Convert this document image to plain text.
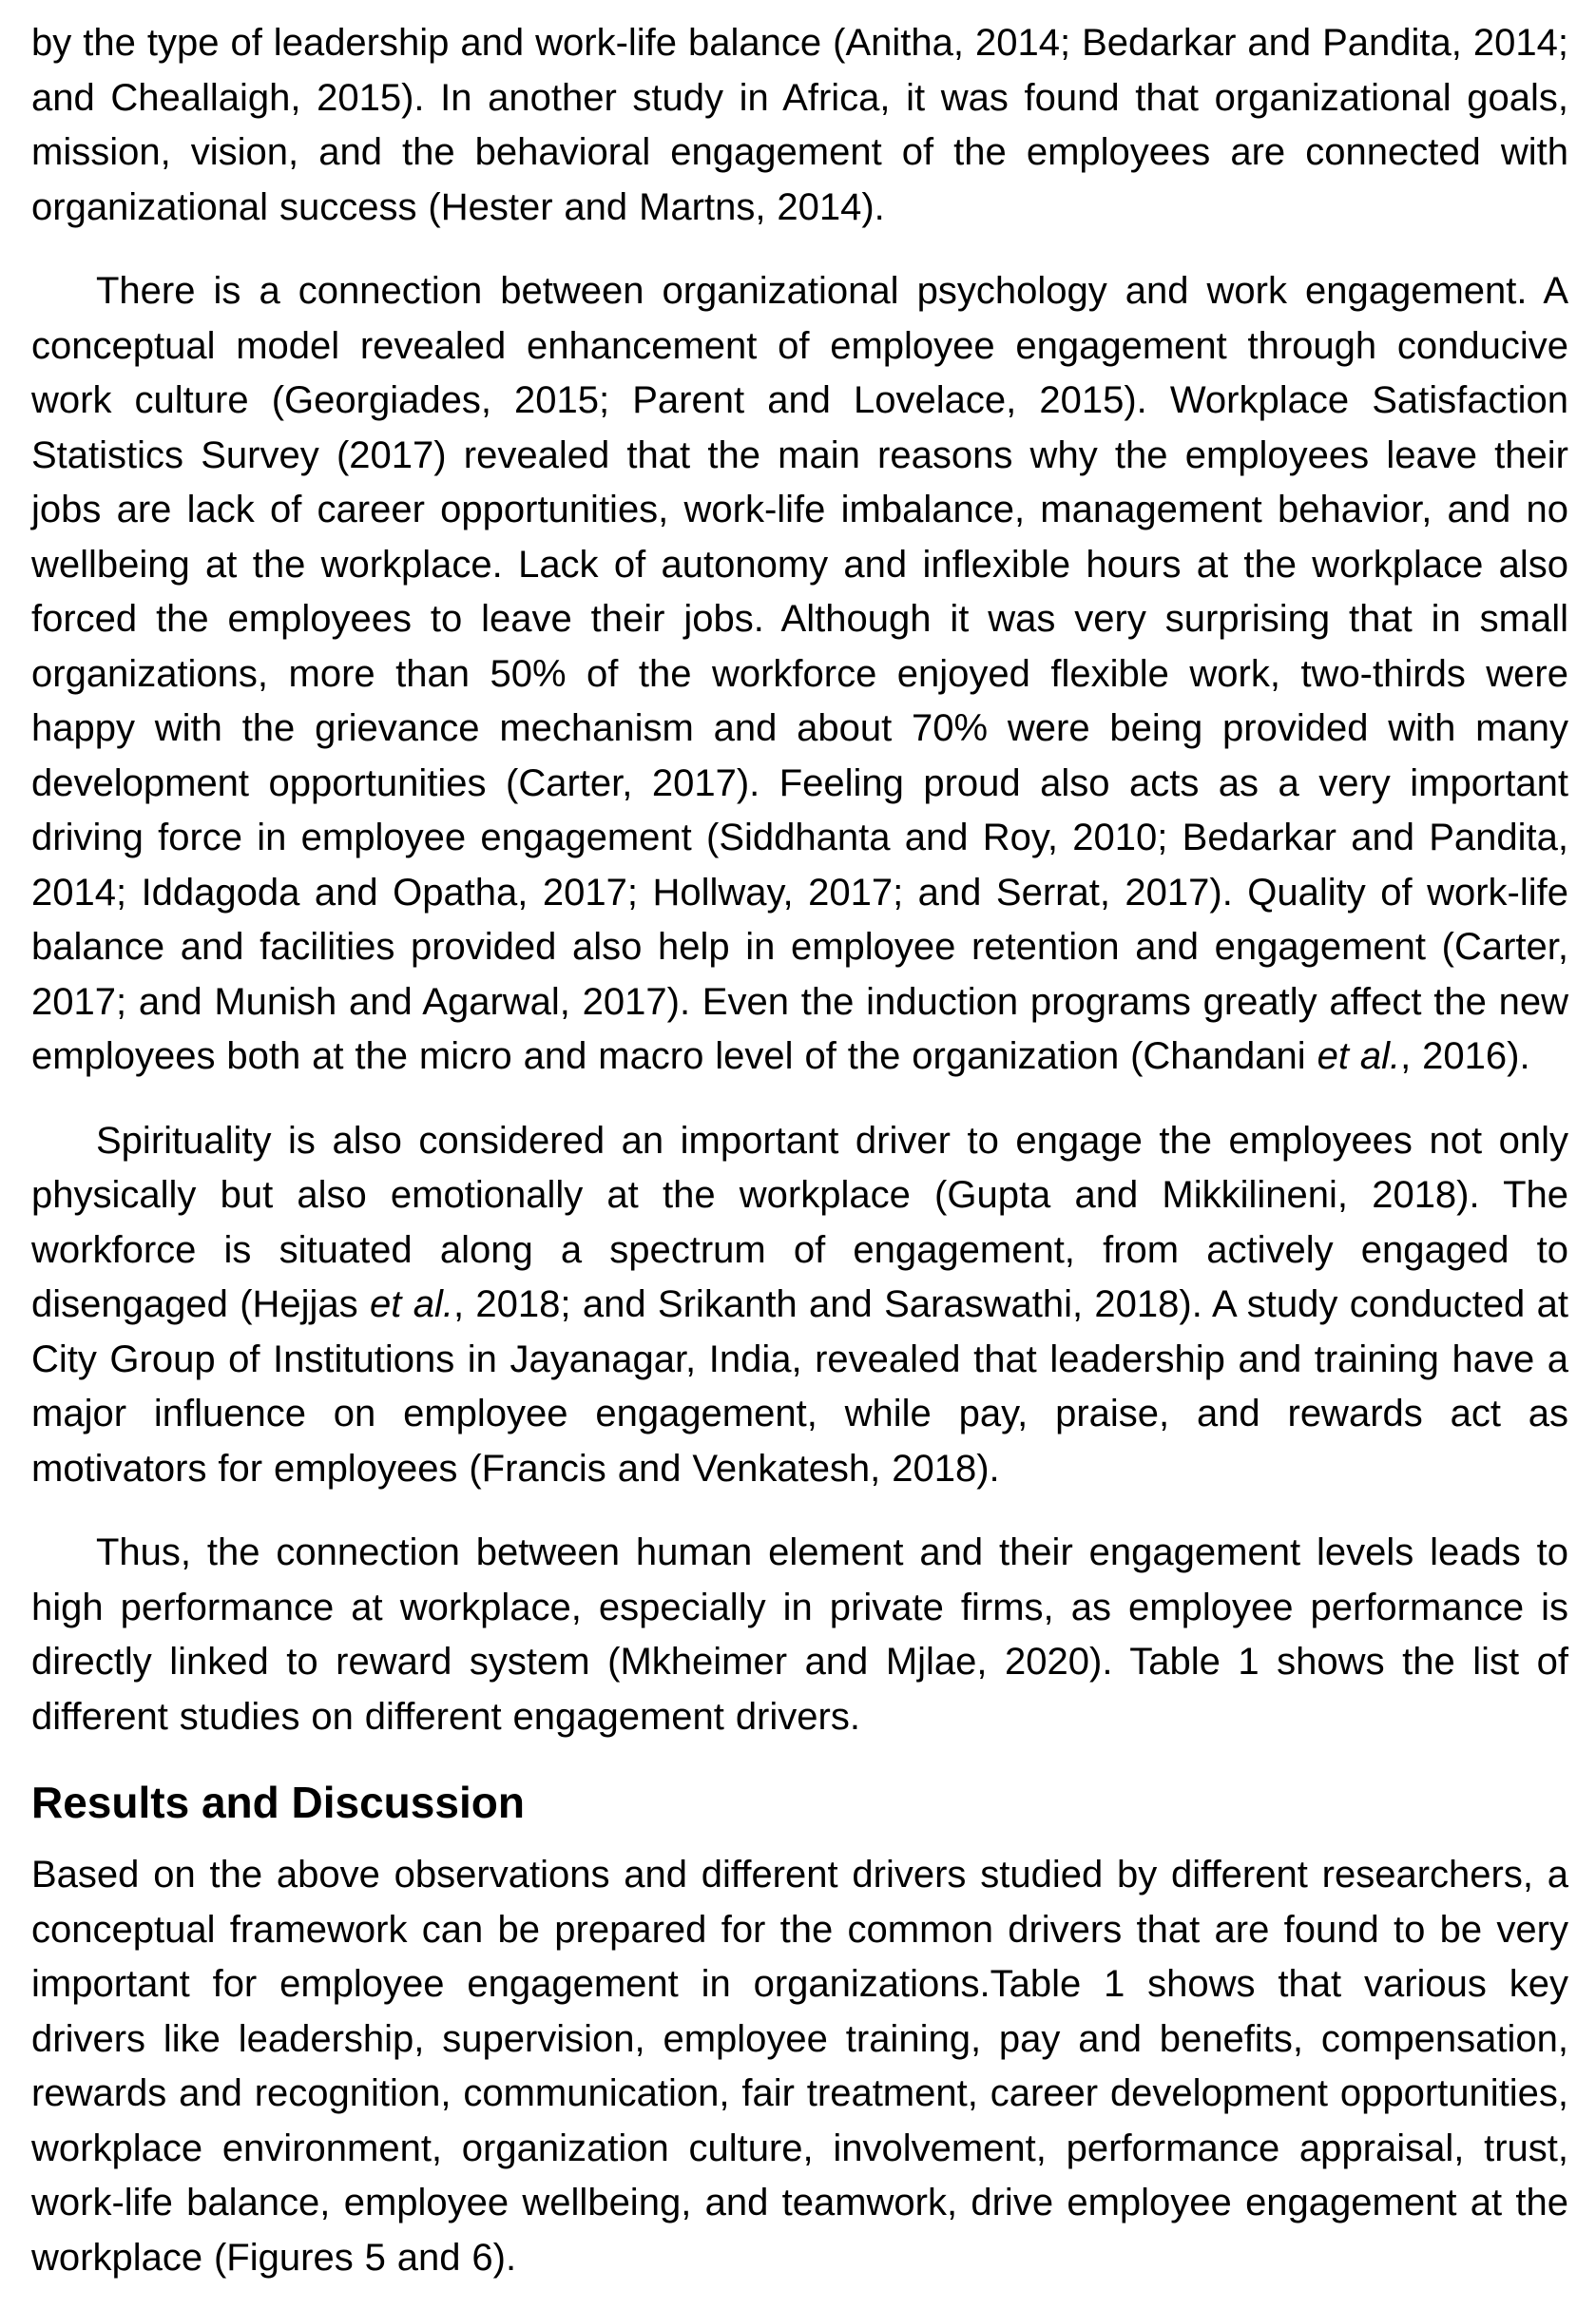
by the type of leadership and work-life balance (Anitha, 2014; Bedarkar and Pandita, 2014; and Cheallaigh, 2015). In another study in Africa, it was found that organizational goals, mission, vision, and the behavioral engagement of the employees are connected with organizational success (Hester and Martns, 2014).

There is a connection between organizational psychology and work engagement. A conceptual model revealed enhancement of employee engagement through conducive work culture (Georgiades, 2015; Parent and Lovelace, 2015). Workplace Satisfaction Statistics Survey (2017) revealed that the main reasons why the employees leave their jobs are lack of career opportunities, work-life imbalance, management behavior, and no wellbeing at the workplace. Lack of autonomy and inflexible hours at the workplace also forced the employees to leave their jobs. Although it was very surprising that in small organizations, more than 50% of the workforce enjoyed flexible work, two-thirds were happy with the grievance mechanism and about 70% were being provided with many development opportunities (Carter, 2017). Feeling proud also acts as a very important driving force in employee engagement (Siddhanta and Roy, 2010; Bedarkar and Pandita, 2014; Iddagoda and Opatha, 2017; Hollway, 2017; and Serrat, 2017). Quality of work-life balance and facilities provided also help in employee retention and engagement (Carter, 2017; and Munish and Agarwal, 2017). Even the induction programs greatly affect the new employees both at the micro and macro level of the organization (Chandani et al., 2016).

Spirituality is also considered an important driver to engage the employees not only physically but also emotionally at the workplace (Gupta and Mikkilineni, 2018). The workforce is situated along a spectrum of engagement, from actively engaged to disengaged (Hejjas et al., 2018; and Srikanth and Saraswathi, 2018). A study conducted at City Group of Institutions in Jayanagar, India, revealed that leadership and training have a major influence on employee engagement, while pay, praise, and rewards act as motivators for employees (Francis and Venkatesh, 2018).

Thus, the connection between human element and their engagement levels leads to high performance at workplace, especially in private firms, as employee performance is directly linked to reward system (Mkheimer and Mjlae, 2020). Table 1 shows the list of different studies on different engagement drivers.

Results and Discussion

Based on the above observations and different drivers studied by different researchers, a conceptual framework can be prepared for the common drivers that are found to be very important for employee engagement in organizations.Table 1 shows that various key drivers like leadership, supervision, employee training, pay and benefits, compensation, rewards and recognition, communication, fair treatment, career development opportunities, workplace environment, organization culture, involvement, performance appraisal, trust, work-life balance, employee wellbeing, and teamwork, drive employee engagement at the workplace (Figures 5 and 6).
